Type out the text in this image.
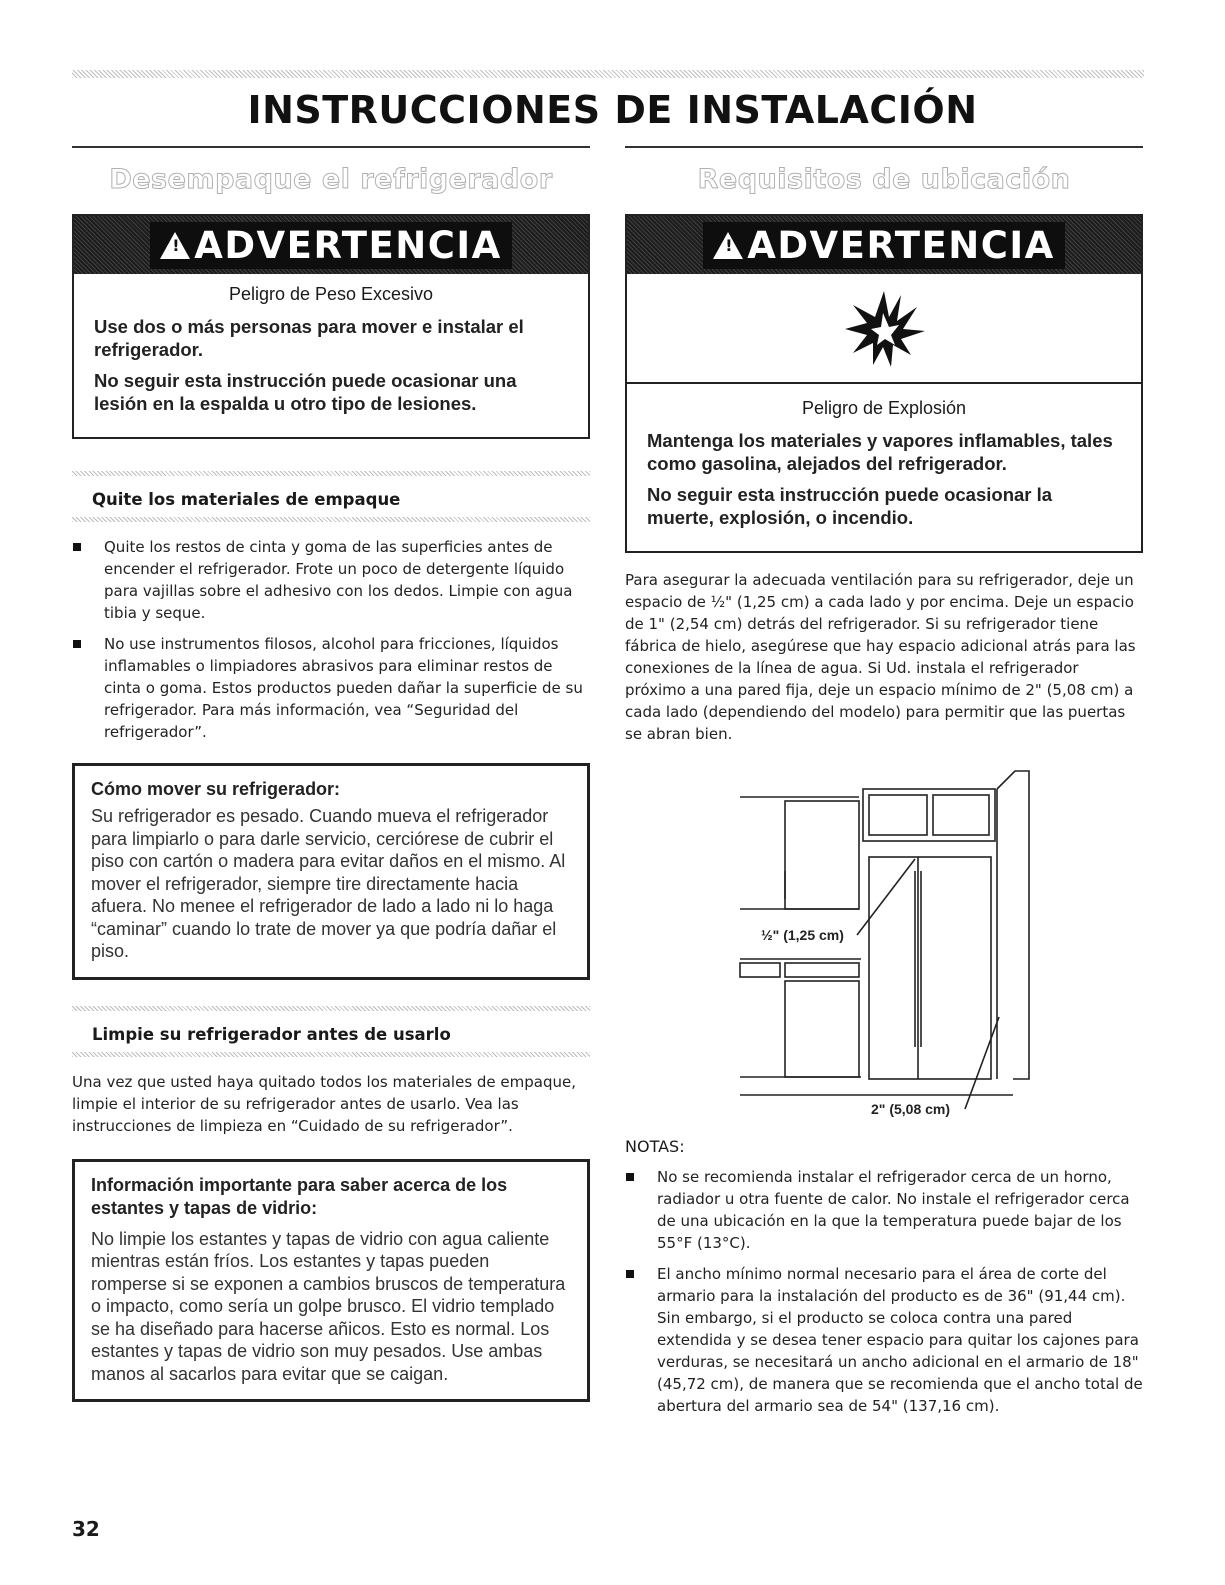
INSTRUCCIONES DE INSTALACIÓN
Desempaque el refrigerador
! ADVERTENCIA
Peligro de Peso Excesivo

Use dos o más personas para mover e instalar el refrigerador.

No seguir esta instrucción puede ocasionar una lesión en la espalda u otro tipo de lesiones.

Quite los materiales de empaque
Quite los restos de cinta y goma de las superficies antes de encender el refrigerador. Frote un poco de detergente líquido para vajillas sobre el adhesivo con los dedos. Limpie con agua tibia y seque.
No use instrumentos filosos, alcohol para fricciones, líquidos inflamables o limpiadores abrasivos para eliminar restos de cinta o goma. Estos productos pueden dañar la superficie de su refrigerador. Para más información, vea “Seguridad del refrigerador”.

Cómo mover su refrigerador:

Su refrigerador es pesado. Cuando mueva el refrigerador para limpiarlo o para darle servicio, cerciórese de cubrir el piso con cartón o madera para evitar daños en el mismo. Al mover el refrigerador, siempre tire directamente hacia afuera. No menee el refrigerador de lado a lado ni lo haga “caminar” cuando lo trate de mover ya que podría dañar el piso.

Limpie su refrigerador antes de usarlo

Una vez que usted haya quitado todos los materiales de empaque, limpie el interior de su refrigerador antes de usarlo. Vea las instrucciones de limpieza en “Cuidado de su refrigerador”.

Información importante para saber acerca de los estantes y tapas de vidrio:

No limpie los estantes y tapas de vidrio con agua caliente mientras están fríos. Los estantes y tapas pueden romperse si se exponen a cambios bruscos de temperatura o impacto, como sería un golpe brusco. El vidrio templado se ha diseñado para hacerse añicos. Esto es normal. Los estantes y tapas de vidrio son muy pesados. Use ambas manos al sacarlos para evitar que se caigan.

Requisitos de ubicación
! ADVERTENCIA
Peligro de Explosión

Mantenga los materiales y vapores inflamables, tales como gasolina, alejados del refrigerador.

No seguir esta instrucción puede ocasionar la muerte, explosión, o incendio.

Para asegurar la adecuada ventilación para su refrigerador, deje un espacio de ½" (1,25 cm) a cada lado y por encima. Deje un espacio de 1" (2,54 cm) detrás del refrigerador. Si su refrigerador tiene fábrica de hielo, asegúrese que hay espacio adicional atrás para las conexiones de la línea de agua. Si Ud. instala el refrigerador próximo a una pared fija, deje un espacio mínimo de 2" (5,08 cm) a cada lado (dependiendo del modelo) para permitir que las puertas se abran bien.

½" (1,25 cm)
2" (5,08 cm)

NOTAS:

No se recomienda instalar el refrigerador cerca de un horno, radiador u otra fuente de calor. No instale el refrigerador cerca de una ubicación en la que la temperatura puede bajar de los 55°F (13°C).
El ancho mínimo normal necesario para el área de corte del armario para la instalación del producto es de 36" (91,44 cm). Sin embargo, si el producto se coloca contra una pared extendida y se desea tener espacio para quitar los cajones para verduras, se necesitará un ancho adicional en el armario de 18" (45,72 cm), de manera que se recomienda que el ancho total de abertura del armario sea de 54" (137,16 cm).
32
